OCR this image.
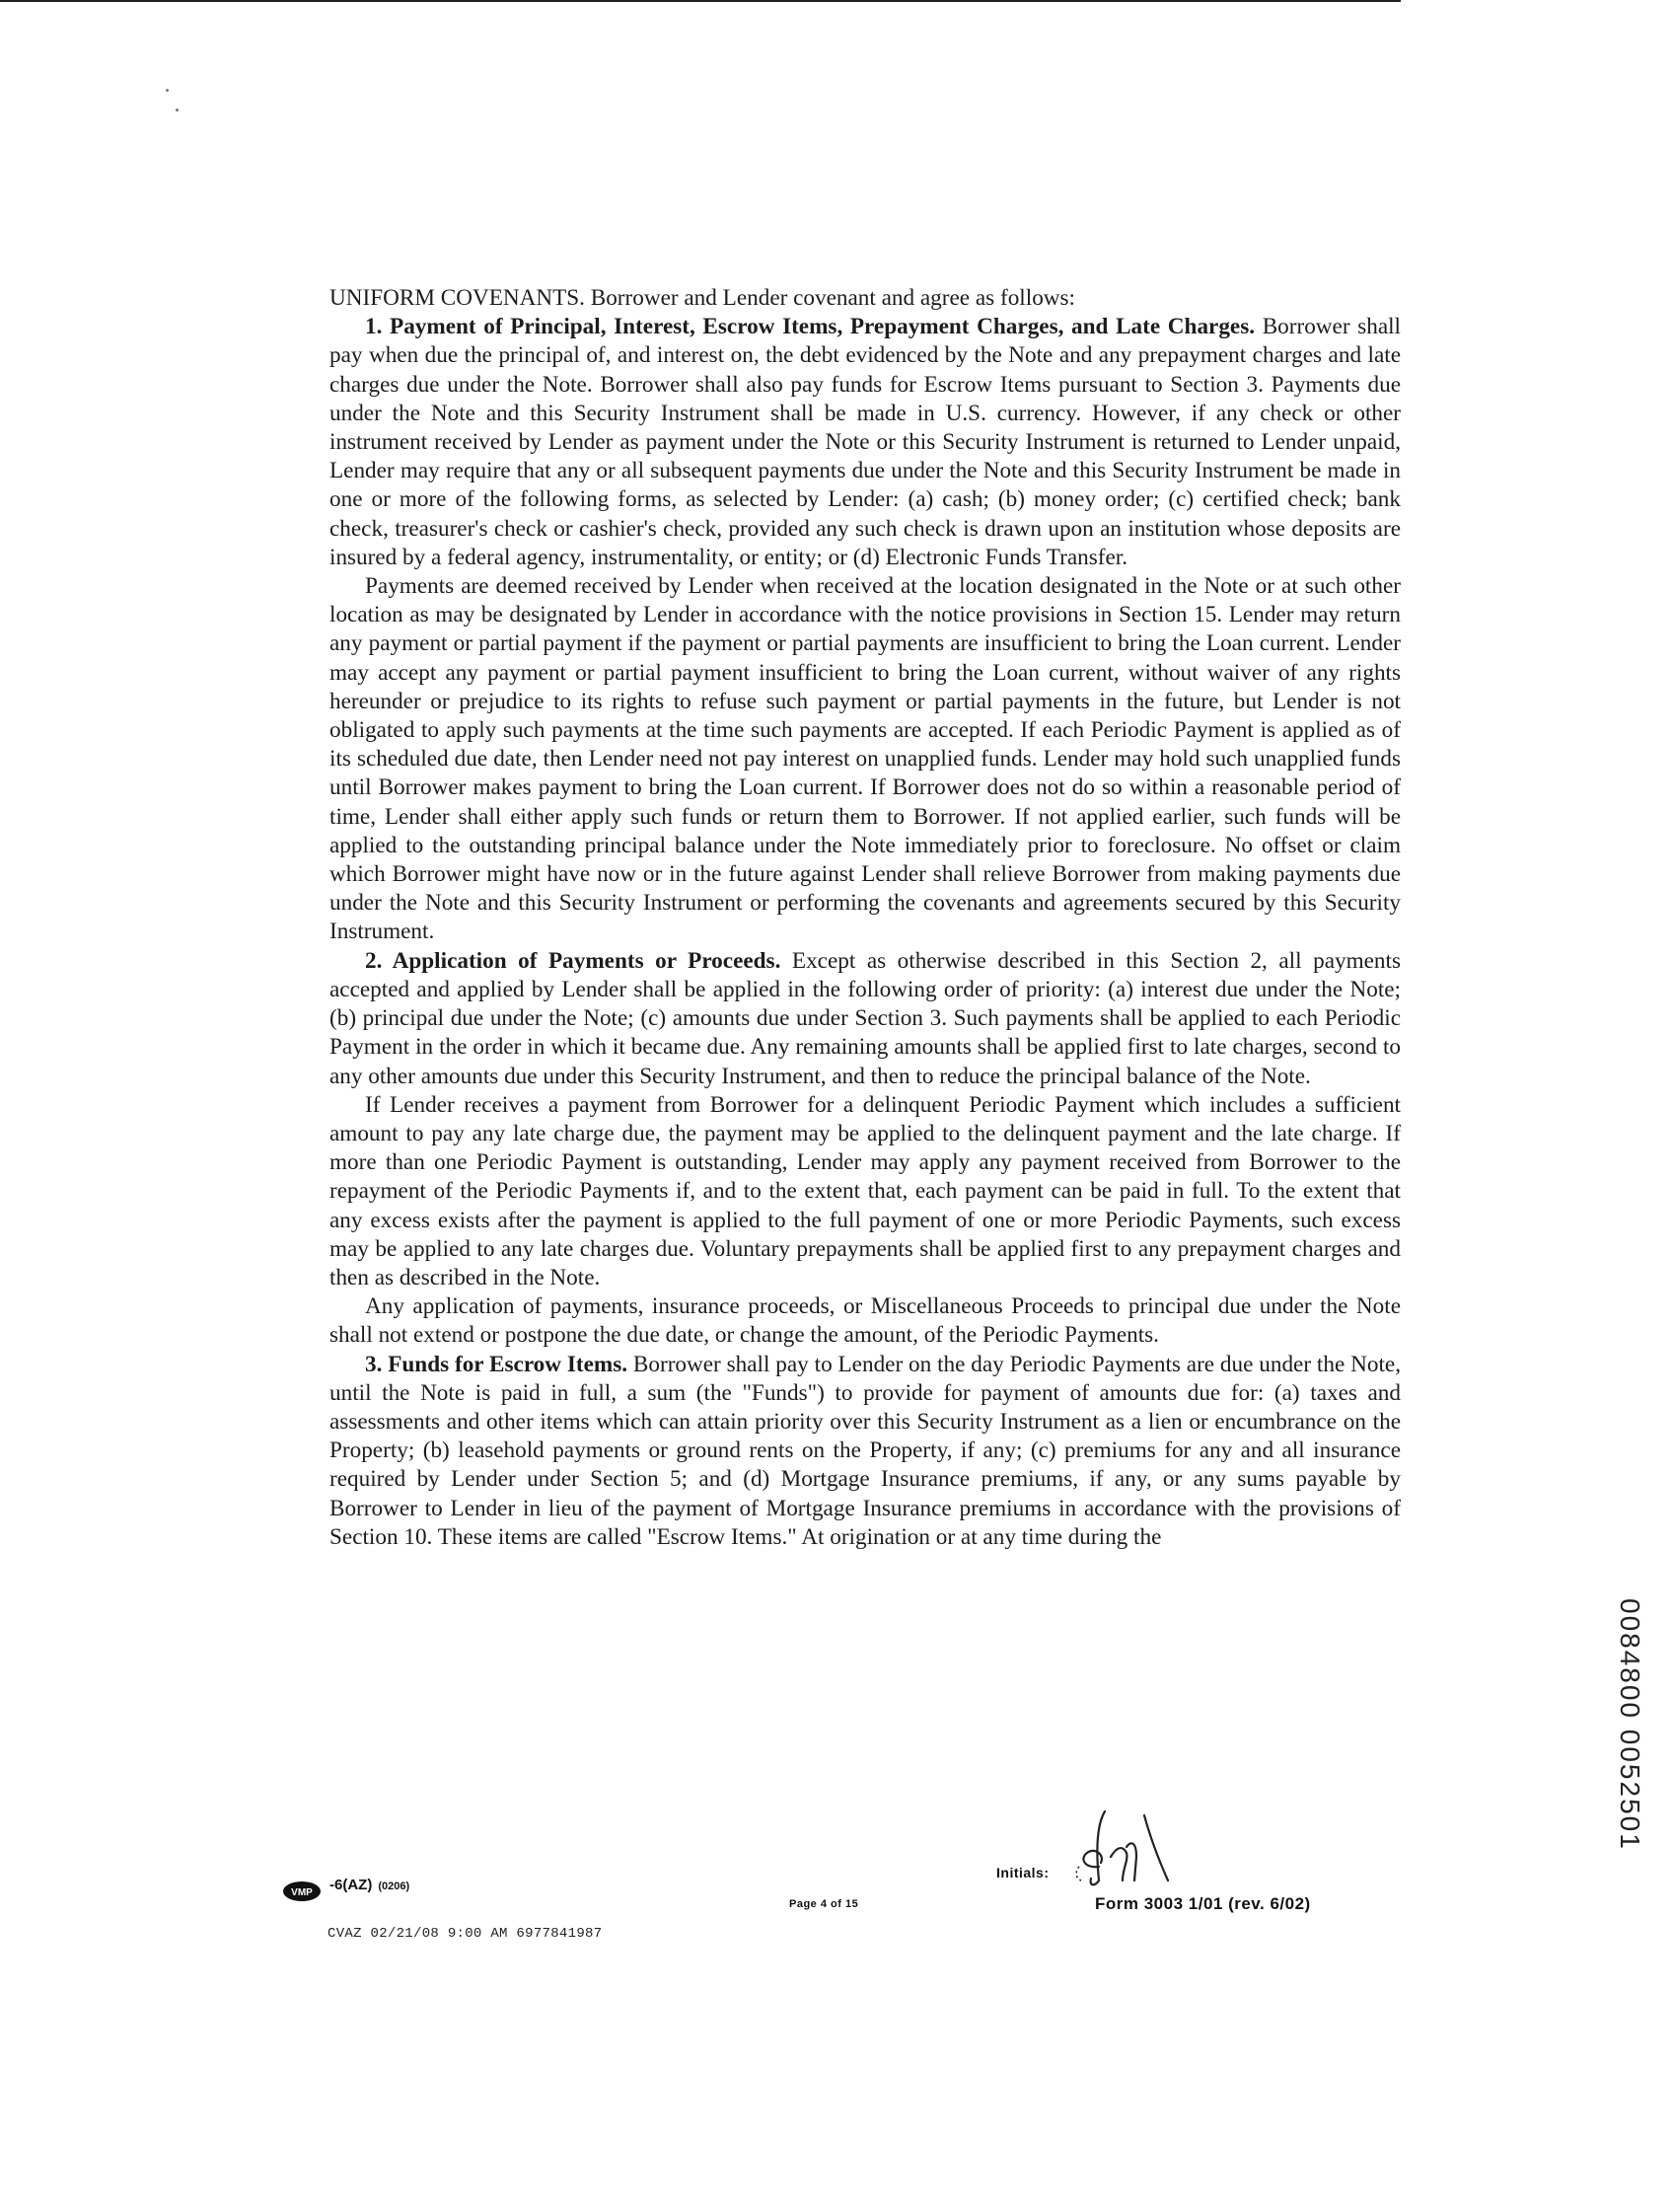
UNIFORM COVENANTS. Borrower and Lender covenant and agree as follows:

1. Payment of Principal, Interest, Escrow Items, Prepayment Charges, and Late Charges. Borrower shall pay when due the principal of, and interest on, the debt evidenced by the Note and any prepayment charges and late charges due under the Note. Borrower shall also pay funds for Escrow Items pursuant to Section 3. Payments due under the Note and this Security Instrument shall be made in U.S. currency. However, if any check or other instrument received by Lender as payment under the Note or this Security Instrument is returned to Lender unpaid, Lender may require that any or all subsequent payments due under the Note and this Security Instrument be made in one or more of the following forms, as selected by Lender: (a) cash; (b) money order; (c) certified check; bank check, treasurer's check or cashier's check, provided any such check is drawn upon an institution whose deposits are insured by a federal agency, instrumentality, or entity; or (d) Electronic Funds Transfer.

Payments are deemed received by Lender when received at the location designated in the Note or at such other location as may be designated by Lender in accordance with the notice provisions in Section 15. Lender may return any payment or partial payment if the payment or partial payments are insufficient to bring the Loan current. Lender may accept any payment or partial payment insufficient to bring the Loan current, without waiver of any rights hereunder or prejudice to its rights to refuse such payment or partial payments in the future, but Lender is not obligated to apply such payments at the time such payments are accepted. If each Periodic Payment is applied as of its scheduled due date, then Lender need not pay interest on unapplied funds. Lender may hold such unapplied funds until Borrower makes payment to bring the Loan current. If Borrower does not do so within a reasonable period of time, Lender shall either apply such funds or return them to Borrower. If not applied earlier, such funds will be applied to the outstanding principal balance under the Note immediately prior to foreclosure. No offset or claim which Borrower might have now or in the future against Lender shall relieve Borrower from making payments due under the Note and this Security Instrument or performing the covenants and agreements secured by this Security Instrument.

2. Application of Payments or Proceeds. Except as otherwise described in this Section 2, all payments accepted and applied by Lender shall be applied in the following order of priority: (a) interest due under the Note; (b) principal due under the Note; (c) amounts due under Section 3. Such payments shall be applied to each Periodic Payment in the order in which it became due. Any remaining amounts shall be applied first to late charges, second to any other amounts due under this Security Instrument, and then to reduce the principal balance of the Note.

If Lender receives a payment from Borrower for a delinquent Periodic Payment which includes a sufficient amount to pay any late charge due, the payment may be applied to the delinquent payment and the late charge. If more than one Periodic Payment is outstanding, Lender may apply any payment received from Borrower to the repayment of the Periodic Payments if, and to the extent that, each payment can be paid in full. To the extent that any excess exists after the payment is applied to the full payment of one or more Periodic Payments, such excess may be applied to any late charges due. Voluntary prepayments shall be applied first to any prepayment charges and then as described in the Note.

Any application of payments, insurance proceeds, or Miscellaneous Proceeds to principal due under the Note shall not extend or postpone the due date, or change the amount, of the Periodic Payments.

3. Funds for Escrow Items. Borrower shall pay to Lender on the day Periodic Payments are due under the Note, until the Note is paid in full, a sum (the "Funds") to provide for payment of amounts due for: (a) taxes and assessments and other items which can attain priority over this Security Instrument as a lien or encumbrance on the Property; (b) leasehold payments or ground rents on the Property, if any; (c) premiums for any and all insurance required by Lender under Section 5; and (d) Mortgage Insurance premiums, if any, or any sums payable by Borrower to Lender in lieu of the payment of Mortgage Insurance premiums in accordance with the provisions of Section 10. These items are called "Escrow Items." At origination or at any time during the

VMP -6(AZ) (0206)
Page 4 of 15
Initials:
Form 3003 1/01 (rev. 6/02)
CVAZ 02/21/08 9:00 AM 6977841987
0084800 0052501
